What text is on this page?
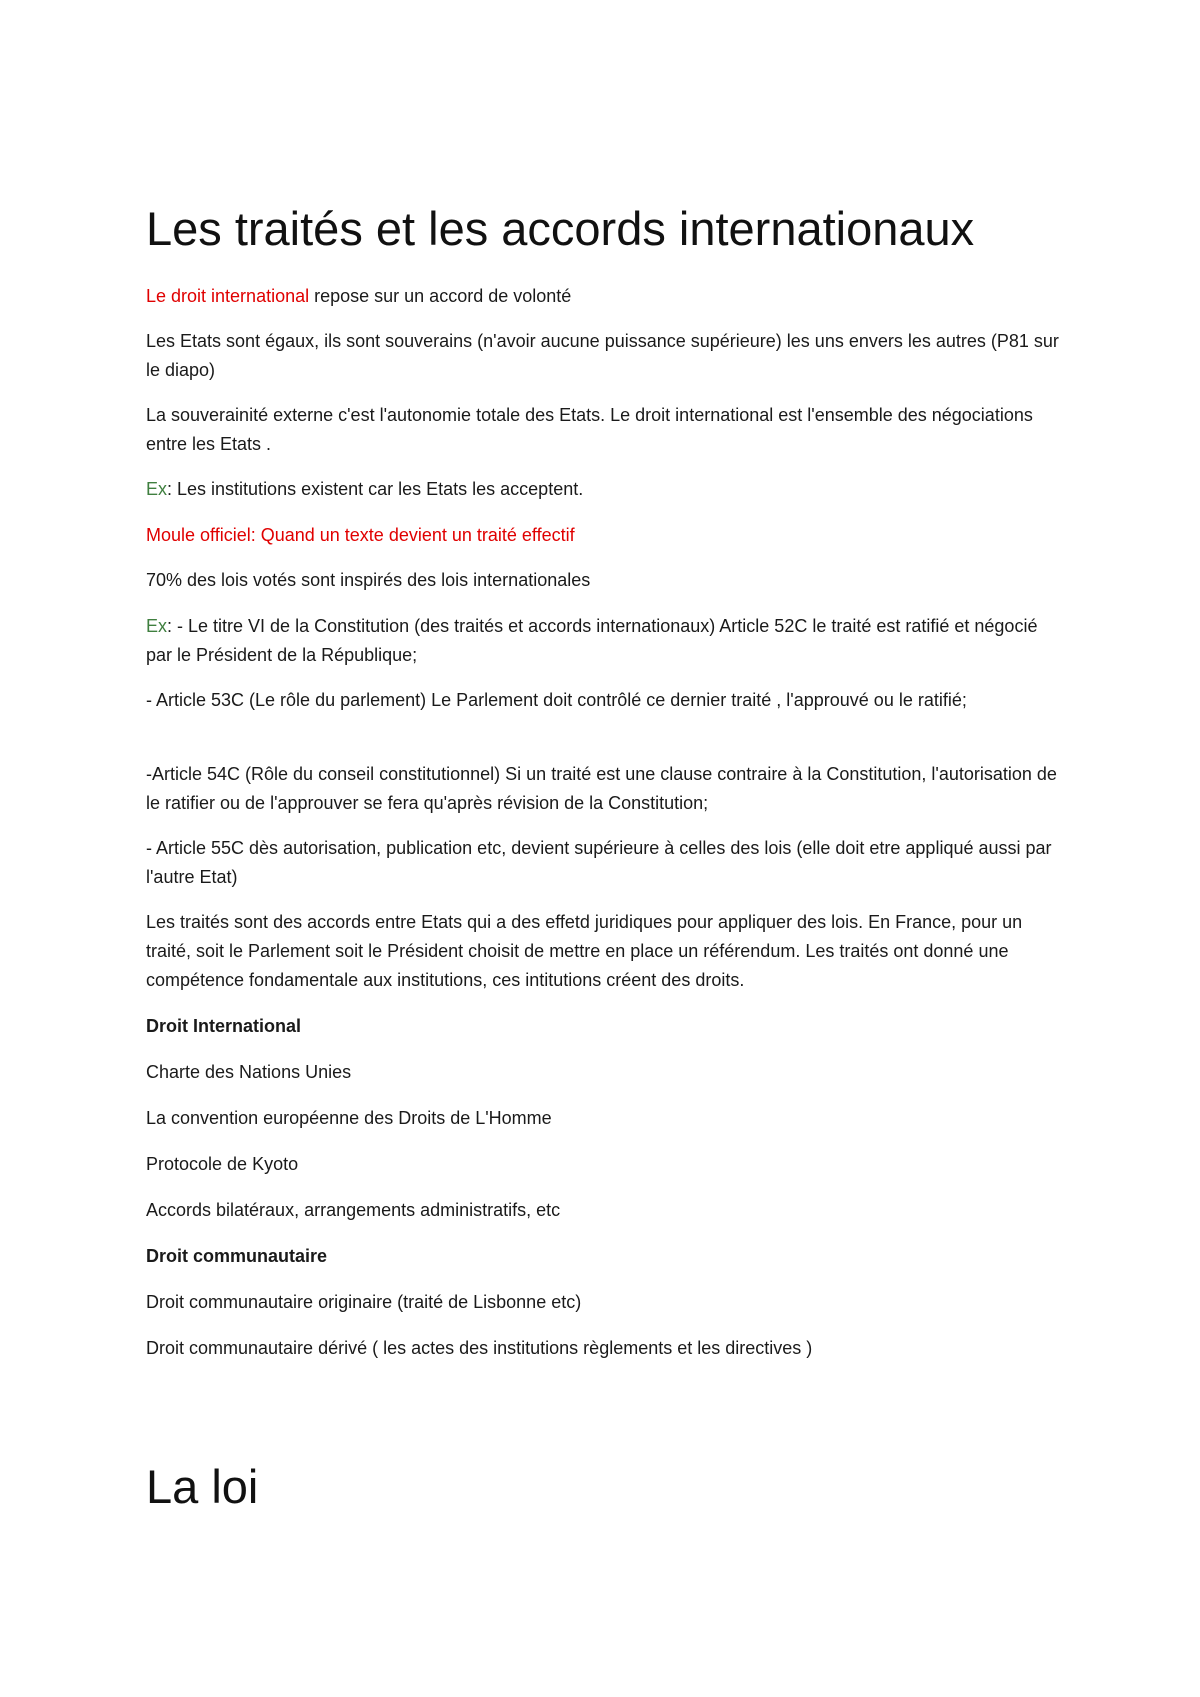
Les traités et les accords internationaux

Le droit international repose sur un accord de volonté

Les Etats sont égaux, ils sont souverains (n'avoir aucune puissance supérieure) les uns envers les autres (P81 sur le diapo)

La souverainité externe c'est l'autonomie totale des Etats. Le droit international est l'ensemble des négociations entre les Etats .

Ex: Les institutions existent car les Etats les acceptent.

Moule officiel: Quand un texte devient un traité effectif

70% des lois votés sont inspirés des lois internationales

Ex: - Le titre VI de la Constitution (des traités et accords internationaux) Article 52C le traité est ratifié et négocié par le Président de la République;

- Article 53C (Le rôle du parlement) Le Parlement doit contrôlé ce dernier traité , l'approuvé ou le ratifié;

-Article 54C (Rôle du conseil constitutionnel) Si un traité est une clause contraire à la Constitution, l'autorisation de le ratifier ou de l'approuver se fera qu'après révision de la Constitution;

- Article 55C dès autorisation, publication etc, devient supérieure à celles des lois (elle doit etre appliqué aussi par l'autre Etat)

Les traités sont des accords entre Etats qui a des effetd juridiques pour appliquer des lois. En France, pour un traité, soit le Parlement soit le Président choisit de mettre en place un référendum. Les traités ont donné une compétence fondamentale aux institutions, ces intitutions créent des droits.

Droit International

Charte des Nations Unies

La convention européenne des Droits de L'Homme

Protocole de Kyoto

Accords bilatéraux, arrangements administratifs, etc

Droit communautaire

Droit communautaire originaire (traité de Lisbonne etc)

Droit communautaire dérivé ( les actes des institutions règlements et les directives )

La loi
